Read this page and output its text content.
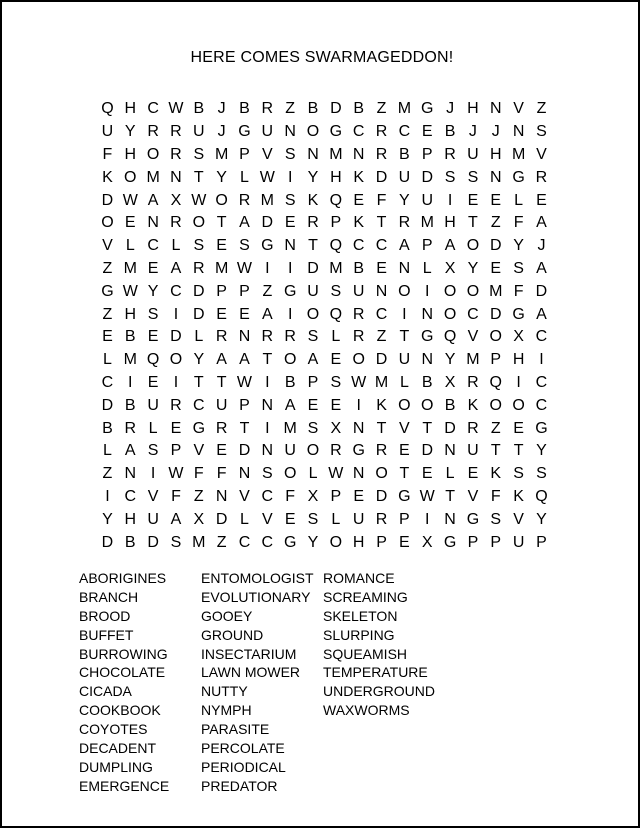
HERE COMES SWARMAGEDDON!
Q H C W B J B R Z B D B Z M G J H N V Z
U Y R R U J G U N O G C R C E B J J N S
F H O R S M P V S N M N R B P R U H M V
K O M N T Y L W I Y H K D U D S S N G R
D W A X W O R M S K Q E F Y U I E E L E
O E N R O T A D E R P K T R M H T Z F A
V L C L S E S G N T Q C C A P A O D Y J
Z M E A R M W I	I D M B E N L X Y E S A
G W Y C D P P Z G U S U N O I O O M F D
Z H S I D E E A I O Q R C I N O C D G A
E B E D L R N R R S L R Z T G Q V O X C
L M Q O Y A A T O A E O D U N Y M P H I
C I E I T T W I B P S W M L B X R Q I C
D B U R C U P N A E E I K O O B K O O C
B R L E G R T I M S X N T V T D R Z E G
L A S P V E D N U O R G R E D N U T T Y
Z N I W F F N S O L W N O T E L E K S S
I C V F Z N V C F X P E D G W T V F K Q
Y H U A X D L V E S L U R P I N G S V Y
D B D S M Z C C G Y O H P E X G P P U P
ABORIGINES
BRANCH
BROOD
BUFFET
BURROWING
CHOCOLATE
CICADA
COOKBOOK
COYOTES
DECADENT
DUMPLING
EMERGENCE
ENTOMOLOGIST
EVOLUTIONARY
GOOEY
GROUND
INSECTARIUM
LAWN MOWER
NUTTY
NYMPH
PARASITE
PERCOLATE
PERIODICAL
PREDATOR
ROMANCE
SCREAMING
SKELETON
SLURPING
SQUEAMISH
TEMPERATURE
UNDERGROUND
WAXWORMS
